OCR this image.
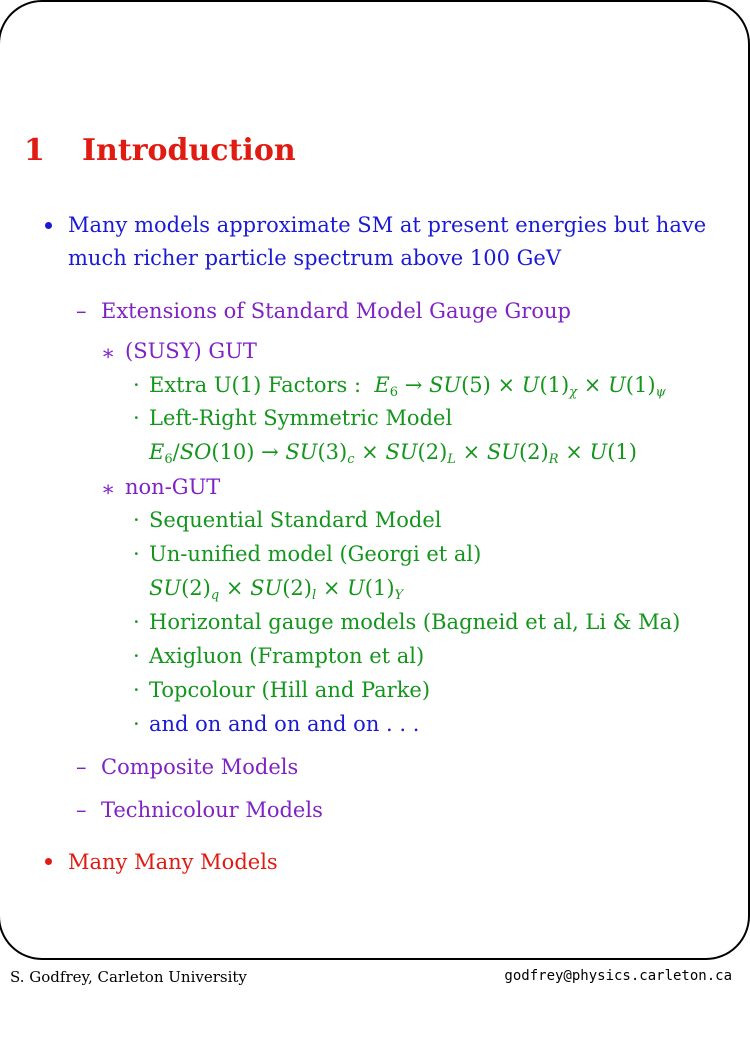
1 Introduction
Many models approximate SM at present energies but have
much richer particle spectrum above 100 GeV
– Extensions of Standard Model Gauge Group
∗ (SUSY) GUT
· Extra U(1) Factors : $E_6 \to SU(5) \times U(1)_\chi \times U(1)_\psi$
· Left-Right Symmetric Model
$E_6/SO(10) \to SU(3)_c \times SU(2)_L \times SU(2)_R \times U(1)$
∗ non-GUT
· Sequential Standard Model
· Un-unified model (Georgi et al)
$SU(2)_q \times SU(2)_l \times U(1)_Y$
· Horizontal gauge models (Bagneid et al, Li & Ma)
· Axigluon (Frampton et al)
· Topcolour (Hill and Parke)
· and on and on and on . . .
– Composite Models
– Technicolour Models
Many Many Models
S. Godfrey, Carleton University	godfrey@physics.carleton.ca
